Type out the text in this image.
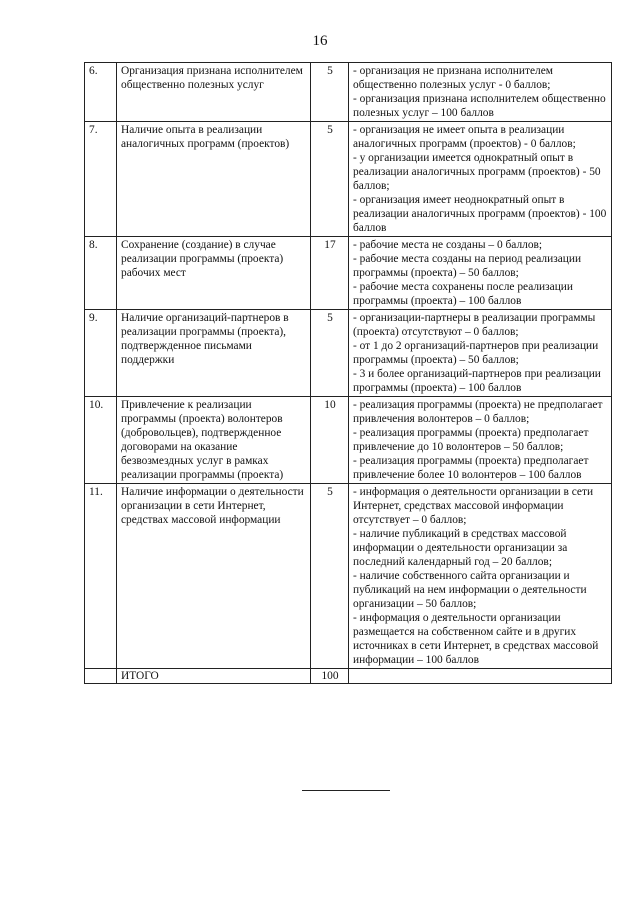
16
6.	Организация признана исполнителем общественно полезных услуг	5	- организация не признана исполнителем общественно полезных услуг - 0 баллов;
- организация признана исполнителем общественно полезных услуг – 100 баллов

7.	Наличие опыта в реализации аналогичных программ (проектов)	5	- организация не имеет опыта в реализации аналогичных программ (проектов) - 0 баллов;
- у организации имеется однократный опыт в реализации аналогичных программ (проектов) - 50 баллов;
- организация имеет неоднократный опыт в реализации аналогичных программ (проектов) - 100 баллов

8.	Сохранение (создание) в случае реализации программы (проекта) рабочих мест	17	- рабочие места не созданы – 0 баллов;
- рабочие места созданы на период реализации программы (проекта) – 50 баллов;
- рабочие места сохранены после реализации программы (проекта) – 100 баллов

9.	Наличие организаций-партнеров в реализации программы (проекта), подтвержденное письмами поддержки	5	- организации-партнеры в реализации программы (проекта) отсутствуют – 0 баллов;
- от 1 до 2 организаций-партнеров при реализации программы (проекта) – 50 баллов;
- 3 и более организаций-партнеров при реализации программы (проекта) – 100 баллов

10.	Привлечение к реализации программы (проекта) волонтеров (добровольцев), подтвержденное договорами на оказание безвозмездных услуг в рамках реализации программы (проекта)	10	- реализация программы (проекта) не предполагает привлечения волонтеров – 0 баллов;
- реализация программы (проекта) предполагает привлечение до 10 волонтеров – 50 баллов;
- реализация программы (проекта) предполагает привлечение более 10 волонтеров – 100 баллов

11.	Наличие информации о деятельности организации в сети Интернет, средствах массовой информации	5	- информация о деятельности организации в сети Интернет, средствах массовой информации отсутствует – 0 баллов;
- наличие публикаций в средствах массовой информации о деятельности организации за последний календарный год – 20 баллов;
- наличие собственного сайта организации и публикаций на нем информации о деятельности организации – 50 баллов;
- информация о деятельности организации размещается на собственном сайте и в других источниках в сети Интернет, в средствах массовой информации – 100 баллов

	ИТОГО	100	
